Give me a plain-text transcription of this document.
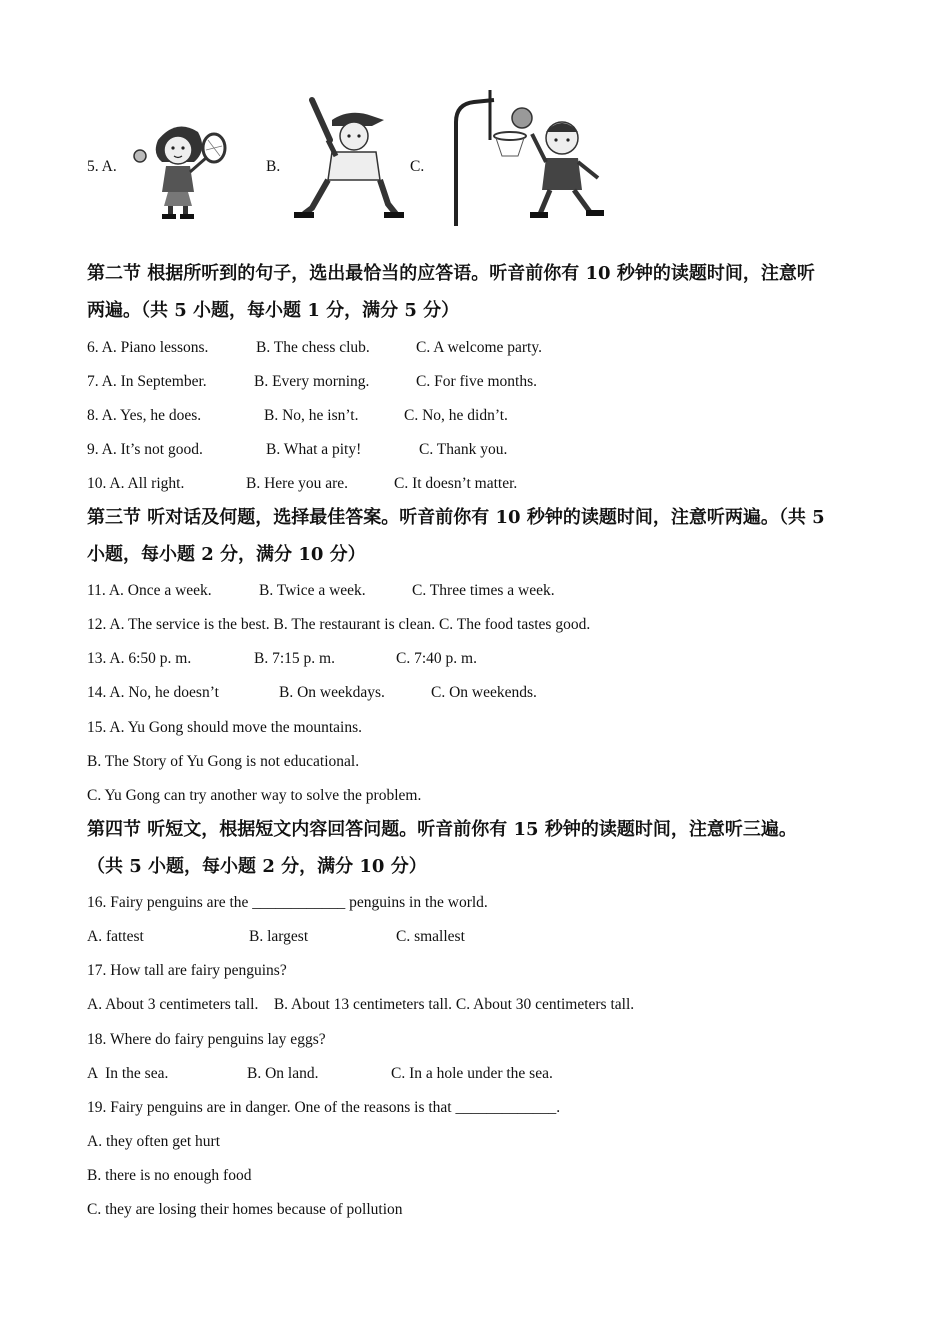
5. A.	B.	C.
第二节 根据所听到的句子，选出最恰当的应答语。听音前你有 10 秒钟的读题时间，注意听
两遍。（共 5 小题，每小题 1 分，满分 5 分）
6. A. Piano lessons.	B. The chess club.	C. A welcome party.
7. A. In September.	B. Every morning.	C. For five months.
8. A. Yes, he does.	B. No, he isn’t.	C. No, he didn’t.
9. A. It’s not good.	B. What a pity!	C. Thank you.
10. A. All right.	B. Here you are.	C. It doesn’t matter.
第三节 听对话及何题，选择最佳答案。听音前你有 10 秒钟的读题时间，注意听两遍。（共 5
小题，每小题 2 分，满分 10 分）
11. A. Once a week.	B. Twice a week.	C. Three times a week.
12. A. The service is the best. B. The restaurant is clean. C. The food tastes good.
13. A. 6:50 p. m.	B. 7:15 p. m.	C. 7:40 p. m.
14. A. No, he doesn’t	B. On weekdays.	C. On weekends.
15. A. Yu Gong should move the mountains.
B. The Story of Yu Gong is not educational.
C. Yu Gong can try another way to solve the problem.
第四节 听短文，根据短文内容回答问题。听音前你有 15 秒钟的读题时间，注意听三遍。
（共 5 小题，每小题 2 分，满分 10 分）
16. Fairy penguins are the ____________ penguins in the world.
A. fattest	B. largest	C. smallest
17. How tall are fairy penguins?
A. About 3 centimeters tall.    B. About 13 centimeters tall. C. About 30 centimeters tall.
18. Where do fairy penguins lay eggs?
A  In the sea.	B. On land.	C. In a hole under the sea.
19. Fairy penguins are in danger. One of the reasons is that _____________.
A. they often get hurt
B. there is no enough food
C. they are losing their homes because of pollution
